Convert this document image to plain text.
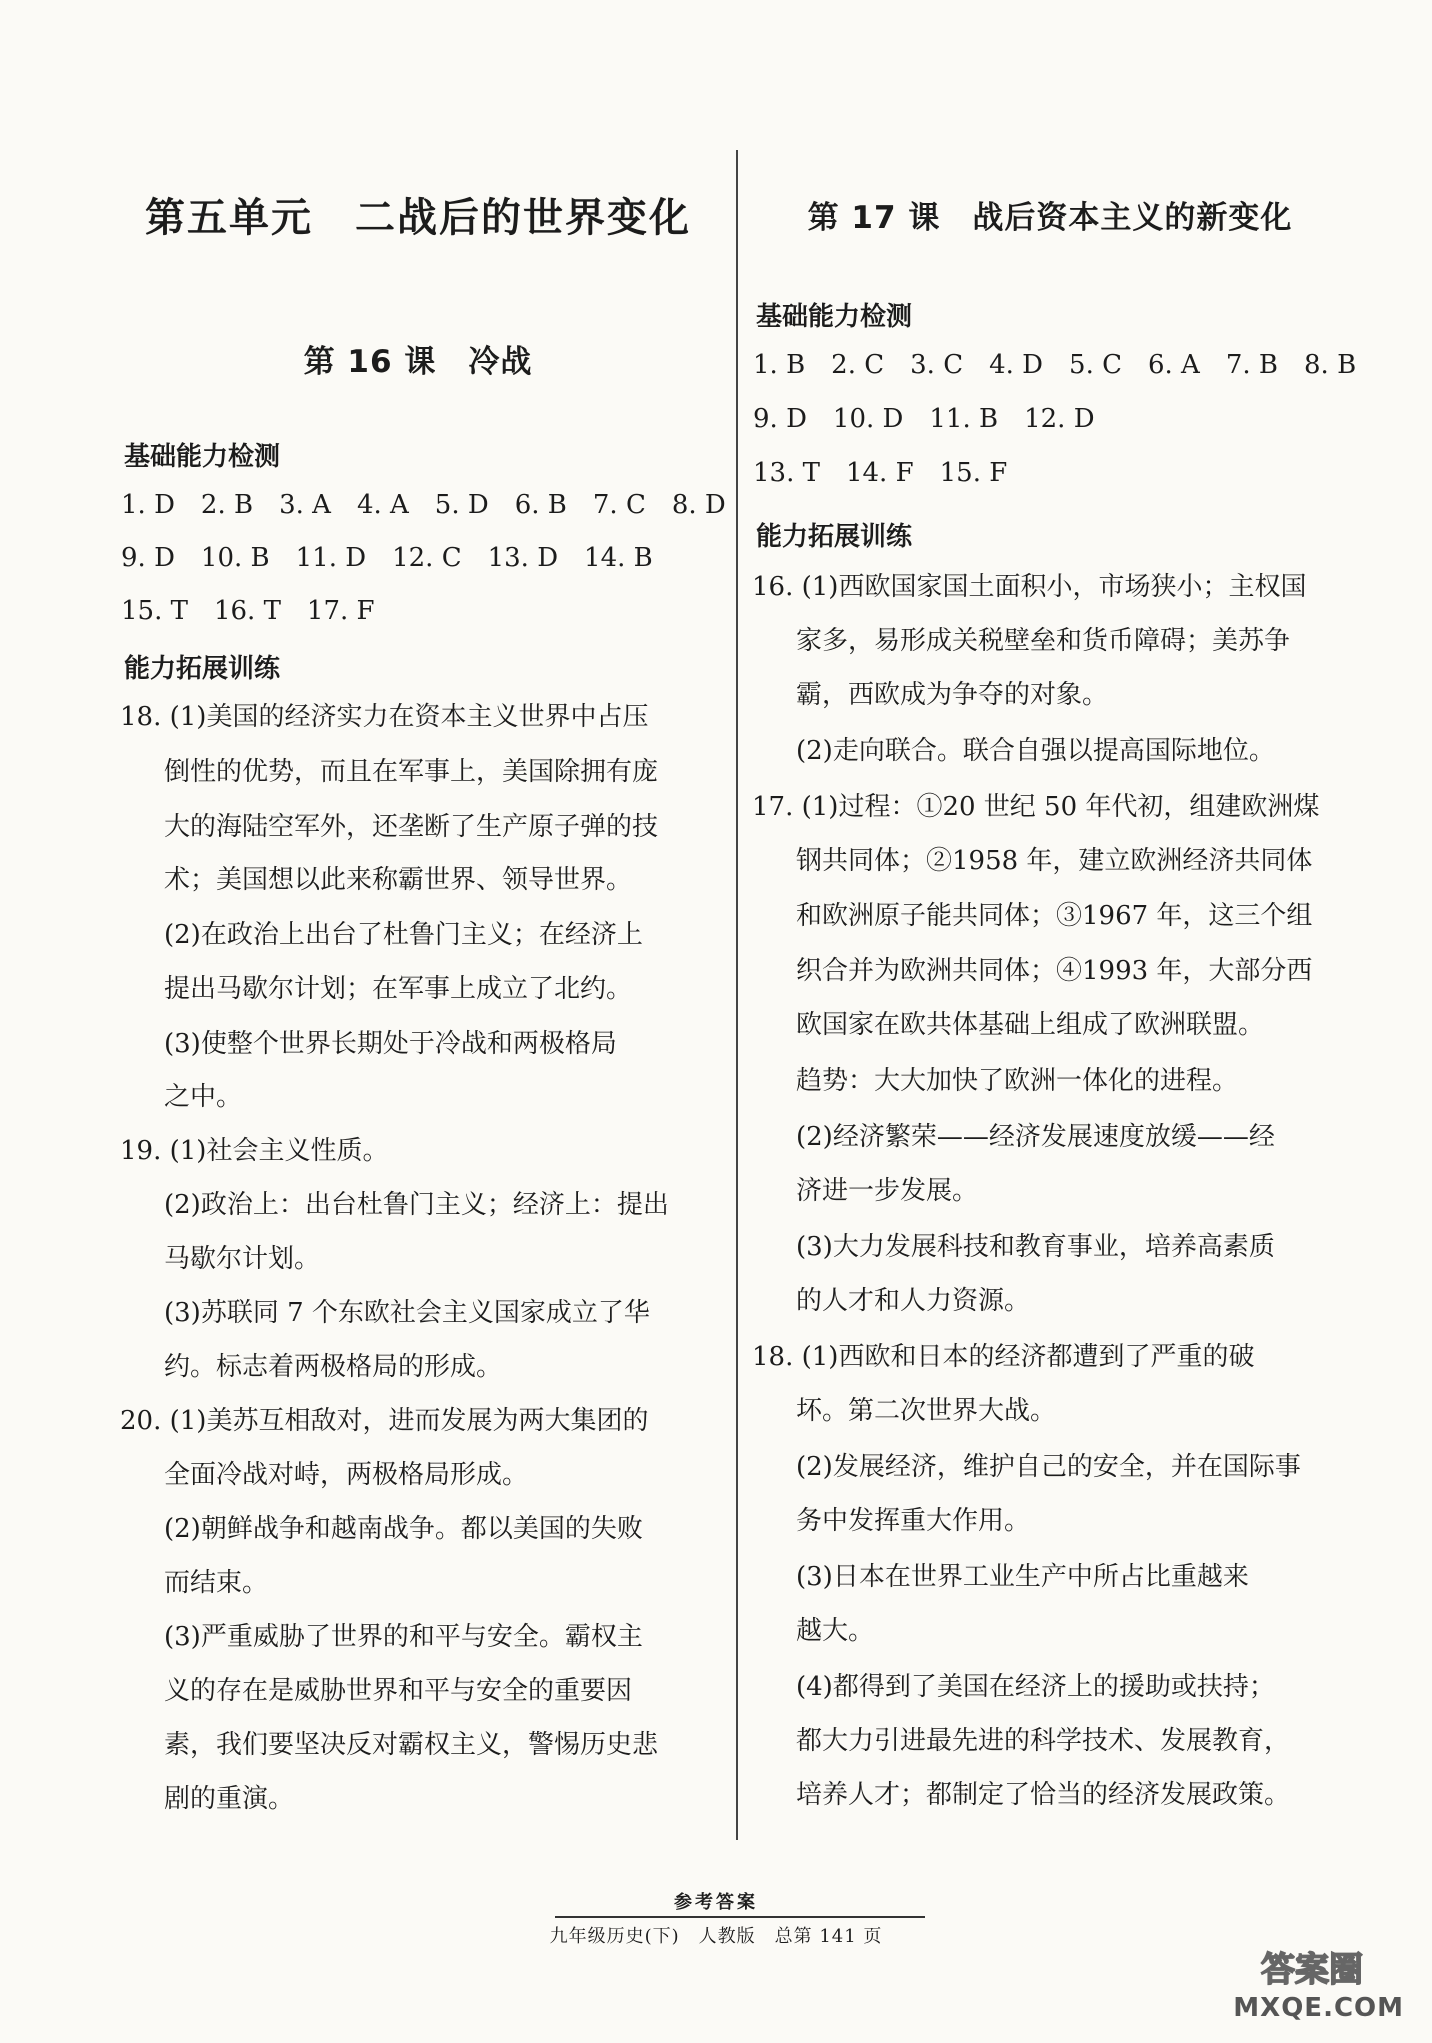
第五单元　二战后的世界变化
第 16 课　冷战
基础能力检测
1. D　2. B　3. A　4. A　5. D　6. B　7. C　8. D
9. D　10. B　11. D　12. C　13. D　14. B
15. T　16. T　17. F
能力拓展训练
18. (1)美国的经济实力在资本主义世界中占压
倒性的优势，而且在军事上，美国除拥有庞
大的海陆空军外，还垄断了生产原子弹的技
术；美国想以此来称霸世界、领导世界。
(2)在政治上出台了杜鲁门主义；在经济上
提出马歇尔计划；在军事上成立了北约。
(3)使整个世界长期处于冷战和两极格局
之中。
19. (1)社会主义性质。
(2)政治上：出台杜鲁门主义；经济上：提出
马歇尔计划。
(3)苏联同 7 个东欧社会主义国家成立了华
约。标志着两极格局的形成。
20. (1)美苏互相敌对，进而发展为两大集团的
全面冷战对峙，两极格局形成。
(2)朝鲜战争和越南战争。都以美国的失败
而结束。
(3)严重威胁了世界的和平与安全。霸权主
义的存在是威胁世界和平与安全的重要因
素，我们要坚决反对霸权主义，警惕历史悲
剧的重演。
第 17 课　战后资本主义的新变化
基础能力检测
1. B　2. C　3. C　4. D　5. C　6. A　7. B　8. B
9. D　10. D　11. B　12. D
13. T　14. F　15. F
能力拓展训练
16. (1)西欧国家国土面积小，市场狭小；主权国
家多，易形成关税壁垒和货币障碍；美苏争
霸，西欧成为争夺的对象。
(2)走向联合。联合自强以提高国际地位。
17. (1)过程：①20 世纪 50 年代初，组建欧洲煤
钢共同体；②1958 年，建立欧洲经济共同体
和欧洲原子能共同体；③1967 年，这三个组
织合并为欧洲共同体；④1993 年，大部分西
欧国家在欧共体基础上组成了欧洲联盟。
趋势：大大加快了欧洲一体化的进程。
(2)经济繁荣——经济发展速度放缓——经
济进一步发展。
(3)大力发展科技和教育事业，培养高素质
的人才和人力资源。
18. (1)西欧和日本的经济都遭到了严重的破
坏。第二次世界大战。
(2)发展经济，维护自己的安全，并在国际事
务中发挥重大作用。
(3)日本在世界工业生产中所占比重越来
越大。
(4)都得到了美国在经济上的援助或扶持；
都大力引进最先进的科学技术、发展教育，
培养人才；都制定了恰当的经济发展政策。
参考答案
九年级历史(下)　人教版　总第 141 页
答案圈
MXQE.COM
